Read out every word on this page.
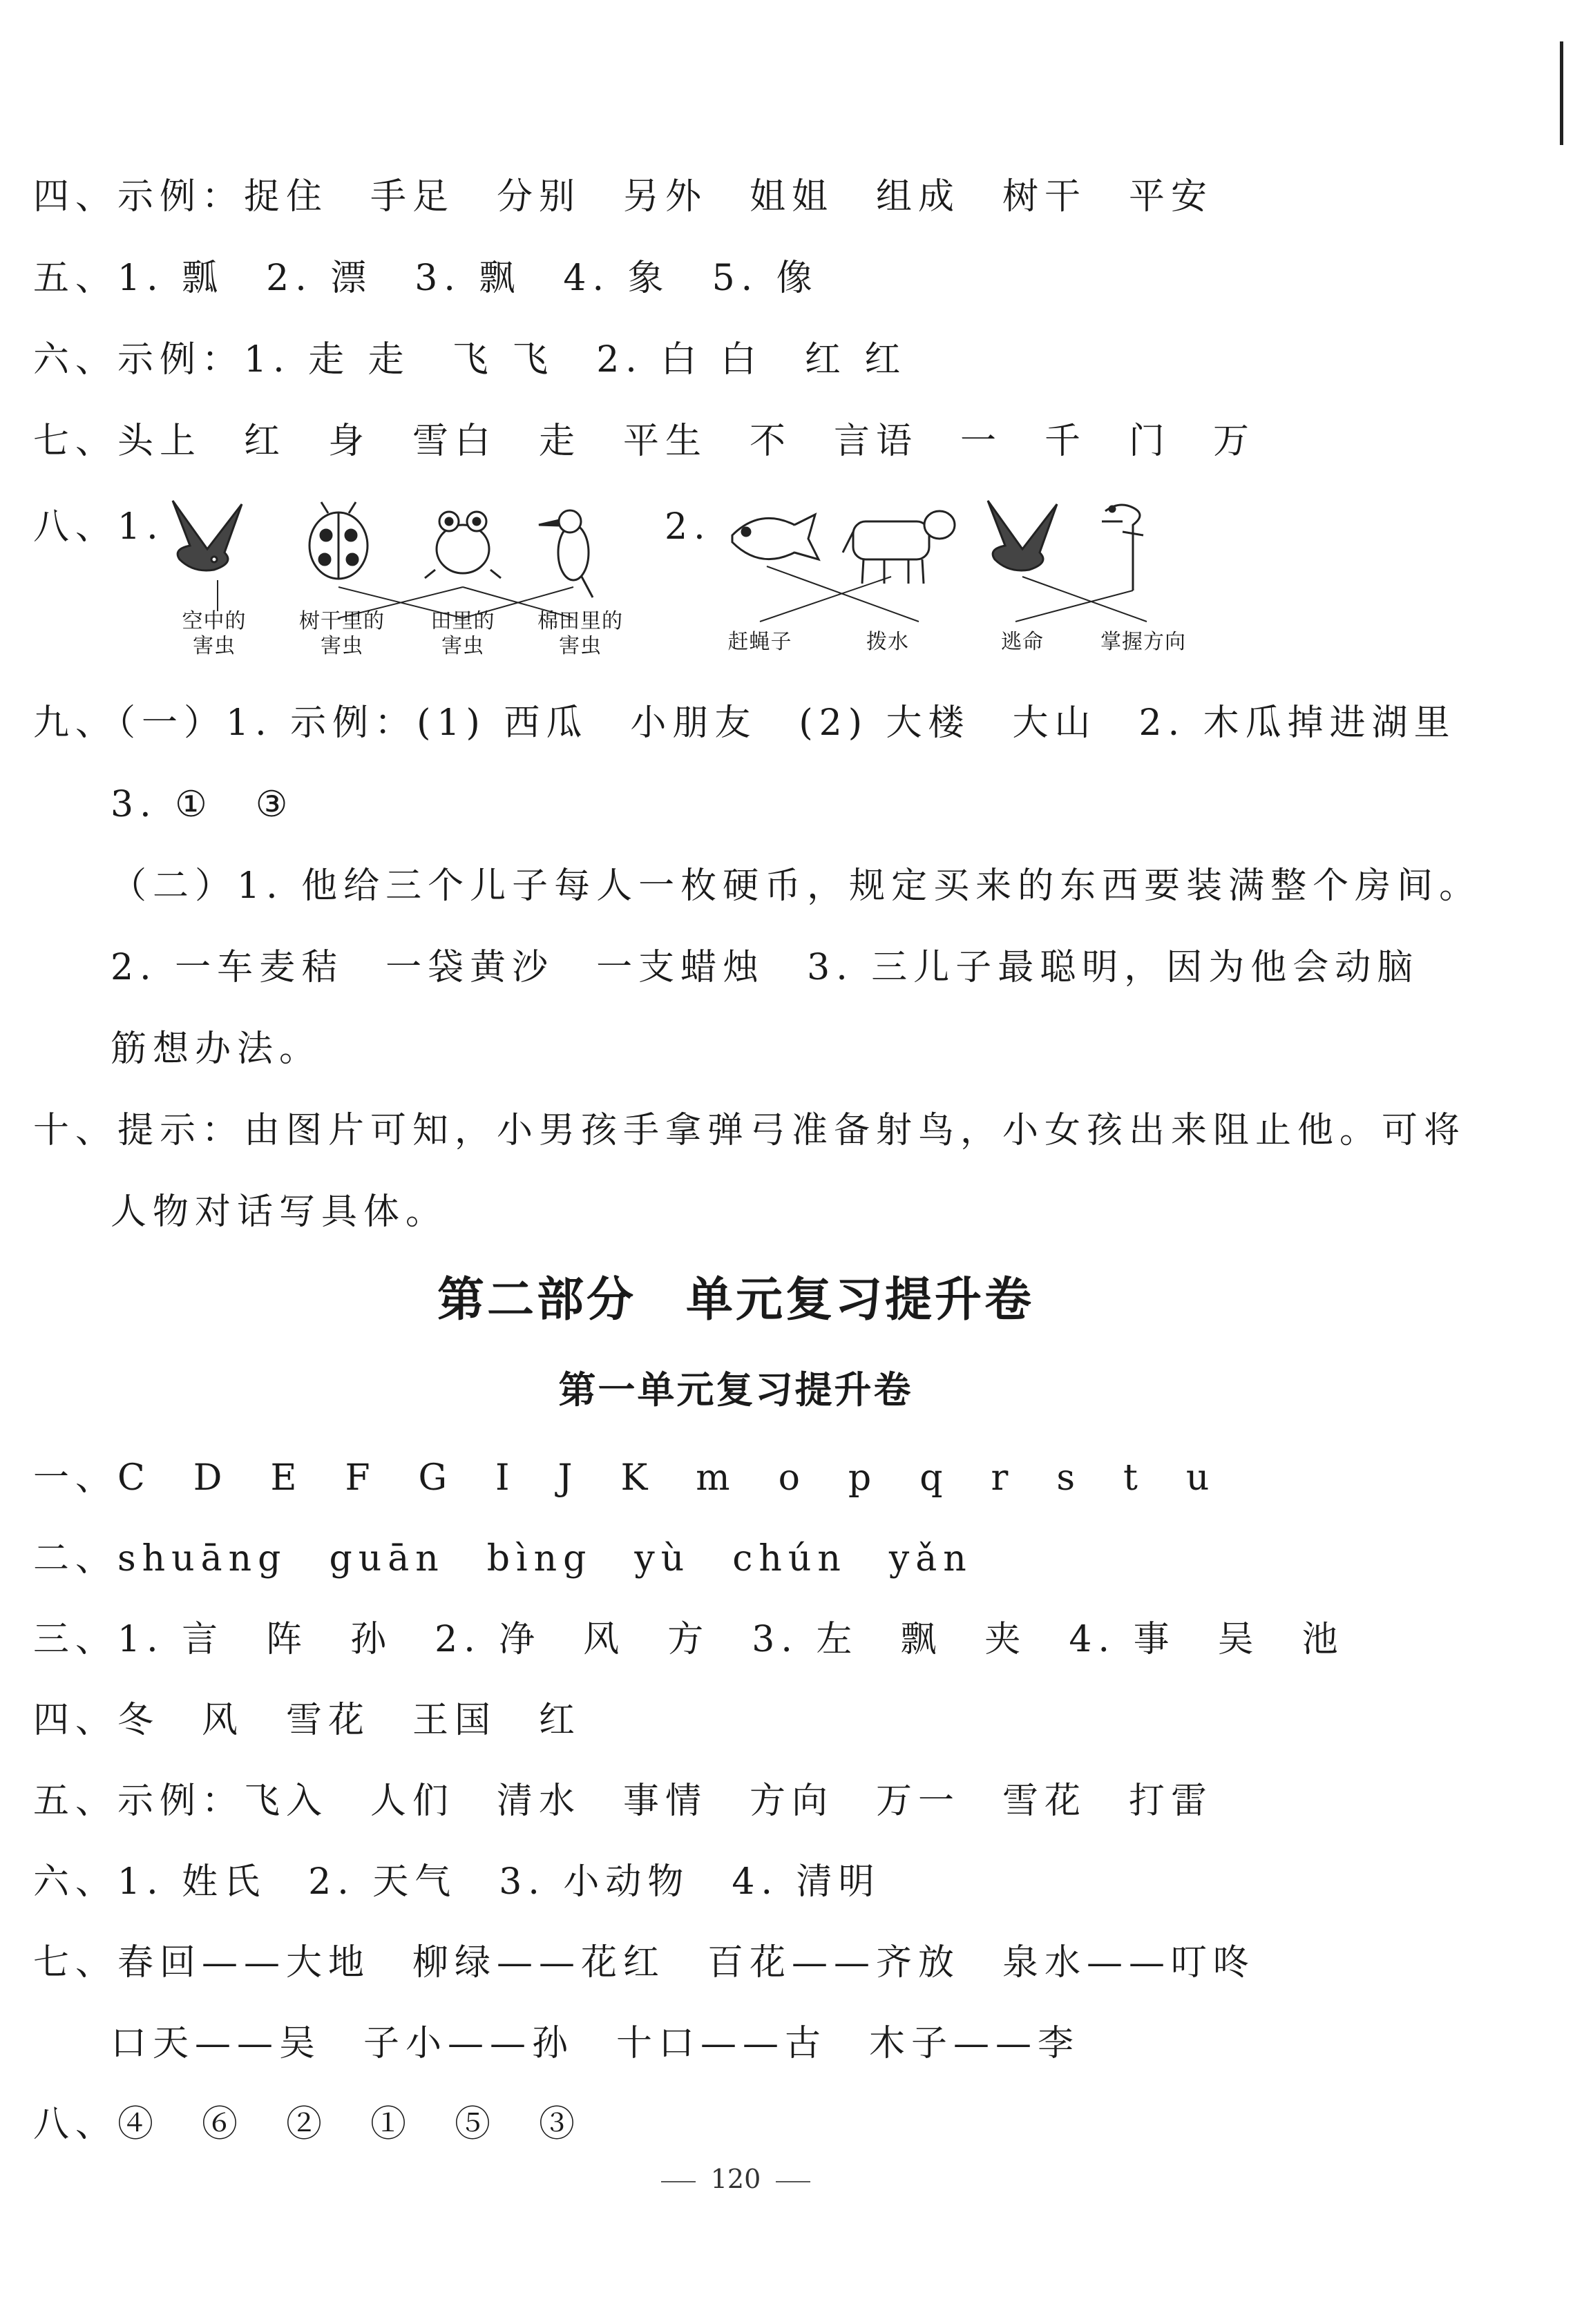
四、示例：捉住　手足　分别　另外　姐姐　组成　树干　平安
五、1. 瓢　2. 漂　3. 飘　4. 象　5. 像
六、示例：1. 走 走　飞 飞　2. 白 白　红 红
七、头上　红　身　雪白　走　平生　不　言语　一　千　门　万
八、1.	2.
空中的
害虫
树干里的
害虫
田里的
害虫
棉田里的
害虫	赶蝇子	拨水	逃命	掌握方向
九、（一）1. 示例：(1) 西瓜　小朋友　(2) 大楼　大山　2. 木瓜掉进湖里
3. ①　③
（二）1. 他给三个儿子每人一枚硬币，规定买来的东西要装满整个房间。
2. 一车麦秸　一袋黄沙　一支蜡烛　3. 三儿子最聪明，因为他会动脑
筋想办法。
十、提示：由图片可知，小男孩手拿弹弓准备射鸟，小女孩出来阻止他。可将
人物对话写具体。
第二部分　单元复习提升卷
第一单元复习提升卷
一、C　D　E　F　G　I　J　K　m　o　p　q　r　s　t　u
二、shuāng　guān　bìng　yù　chún　yǎn
三、1. 言　阵　孙　2. 净　风　方　3. 左　飘　夹　4. 事　吴　池
四、冬　风　雪花　王国　红
五、示例：飞入　人们　清水　事情　方向　万一　雪花　打雷
六、1. 姓氏　2. 天气　3. 小动物　4. 清明
七、春回——大地　柳绿——花红　百花——齐放　泉水——叮咚
口天——吴　子小——孙　十口——古　木子——李
八、④　⑥　②　①　⑤　③
120
